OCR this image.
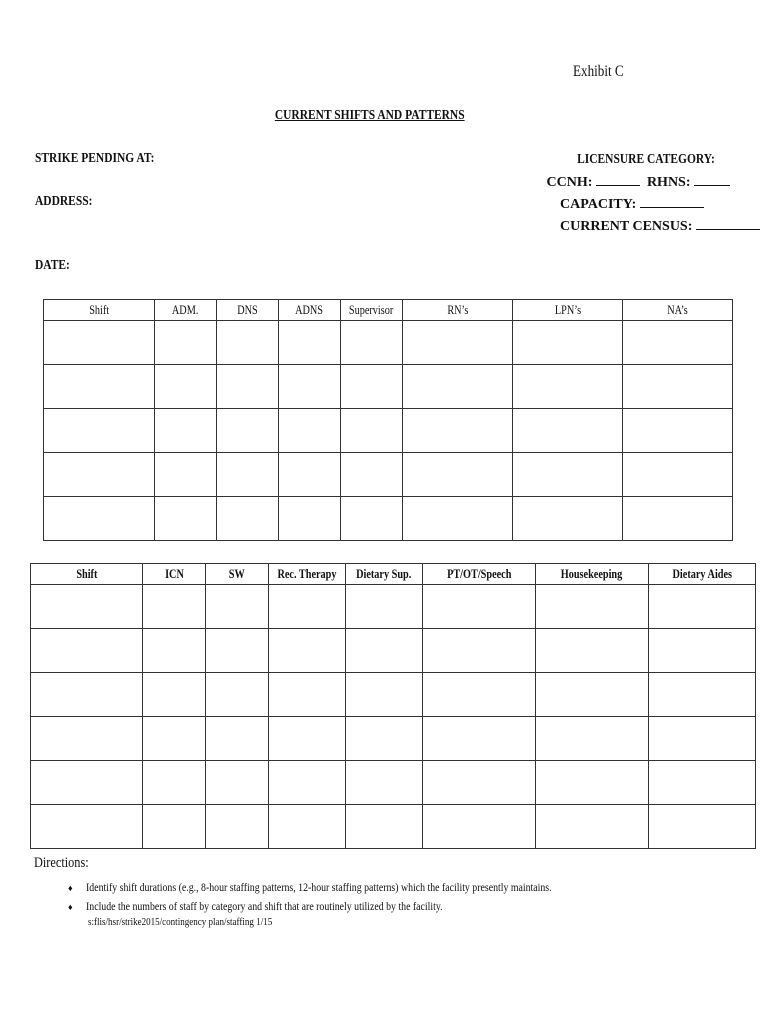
Exhibit C
CURRENT SHIFTS AND PATTERNS
STRIKE PENDING AT:
ADDRESS:
DATE:
LICENSURE CATEGORY:
CCNH:	RHNS:
CAPACITY:
CURRENT CENSUS:
Shift	ADM.	DNS	ADNS	Supervisor	RN’s	LPN’s	NA’s

Shift	ICN	SW	Rec. Therapy	Dietary Sup.	PT/OT/Speech	Housekeeping	Dietary Aides

Directions:
♦ Identify shift durations (e.g., 8-hour staffing patterns, 12-hour staffing patterns) which the facility presently maintains.
♦ Include the numbers of staff by category and shift that are routinely utilized by the facility.
s:flis/hsr/strike2015/contingency plan/staffing 1/15
